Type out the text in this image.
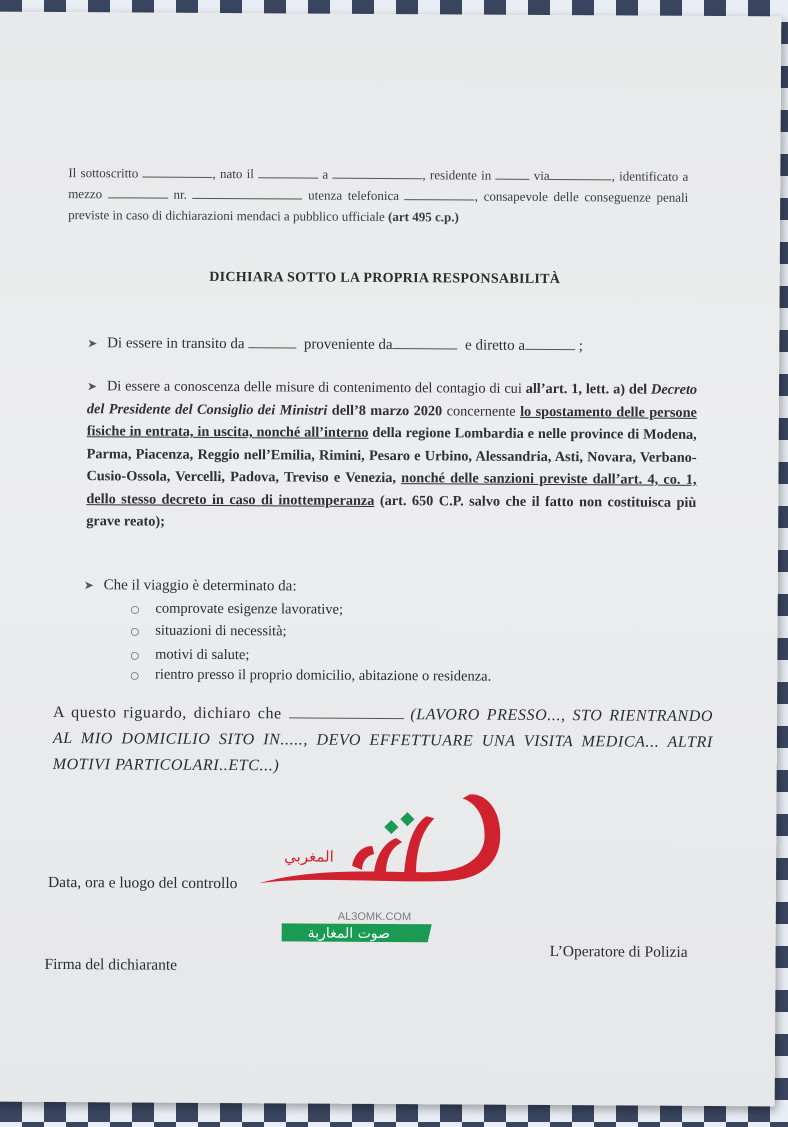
Il sottoscritto	, nato il	a	, residente in	via	, identificato a mezzo	nr.	utenza telefonica	, consapevole delle conseguenze penali previste in caso di dichiarazioni mendaci a pubblico ufficiale (art 495 c.p.)

DICHIARA SOTTO LA PROPRIA RESPONSABILITÀ

➤ Di essere in transito da	proveniente da	e diretto a	;

➤ Di essere a conoscenza delle misure di contenimento del contagio di cui all’art. 1, lett. a) del Decreto del Presidente del Consiglio dei Ministri dell’8 marzo 2020 concernente lo spostamento delle persone fisiche in entrata, in uscita, nonché all’interno della regione Lombardia e nelle province di Modena, Parma, Piacenza, Reggio nell’Emilia, Rimini, Pesaro e Urbino, Alessandria, Asti, Novara, Verbano-Cusio-Ossola, Vercelli, Padova, Treviso e Venezia, nonché delle sanzioni previste dall’art. 4, co. 1, dello stesso decreto in caso di inottemperanza (art. 650 C.P. salvo che il fatto non costituisca più grave reato);

➤ Che il viaggio è determinato da:

○ comprovate esigenze lavorative;

○ situazioni di necessità;

○ motivi di salute;

○ rientro presso il proprio domicilio, abitazione o residenza.

A questo riguardo, dichiaro che	(LAVORO PRESSO..., STO RIENTRANDO AL MIO DOMICILIO SITO IN....., DEVO EFFETTUARE UNA VISITA MEDICA... ALTRI MOTIVI PARTICOLARI..ETC...)

Data, ora e luogo del controllo

L’Operatore di Polizia

Firma del dichiarante

المغربي
AL3OMK.COM
صوت المغاربة
